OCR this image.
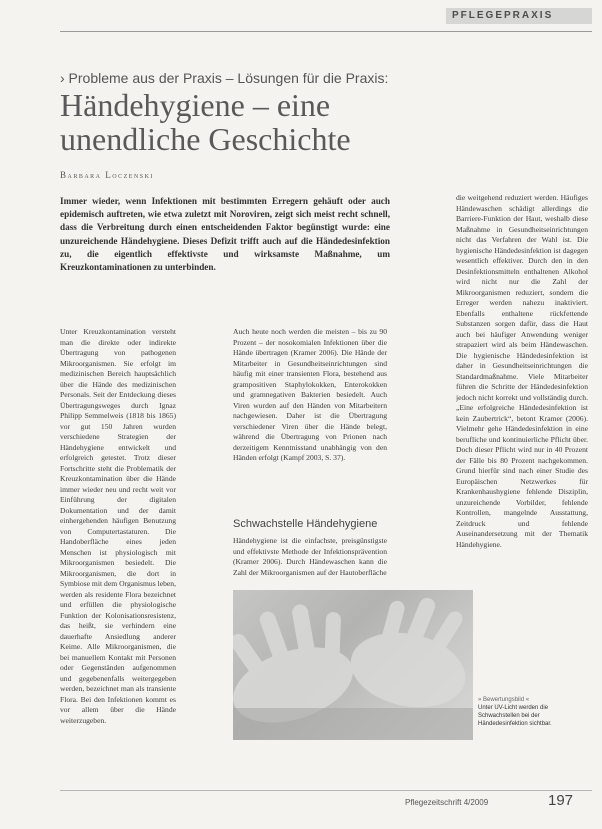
PFLEGEPRAXIS
› Probleme aus der Praxis – Lösungen für die Praxis:
Händehygiene – eine unendliche Geschichte
Barbara Loczenski
Immer wieder, wenn Infektionen mit bestimmten Erregern gehäuft oder auch epidemisch auftreten, wie etwa zuletzt mit Noroviren, zeigt sich meist recht schnell, dass die Verbreitung durch einen entscheidenden Faktor begünstigt wurde: eine unzureichende Händehygiene. Dieses Defizit trifft auch auf die Händedesinfektion zu, die eigentlich effektivste und wirksamste Maßnahme, um Kreuzkontaminationen zu unterbinden.

Unter Kreuzkontamination versteht man die direkte oder indirekte Übertragung von pathogenen Mikroorganismen. Sie erfolgt im medizinischen Bereich hauptsächlich über die Hände des medizinischen Personals. Seit der Entdeckung dieses Übertragungsweges durch Ignaz Philipp Semmelweis (1818 bis 1865) vor gut 150 Jahren wurden verschiedene Strategien der Händehygiene entwickelt und erfolgreich getestet. Trotz dieser Fortschritte steht die Problematik der Kreuzkontamination über die Hände immer wieder neu und recht weit vor Einführung der digitalen Dokumentation und der damit einhergehenden häufigen Benutzung von Computertastaturen. Die Handoberfläche eines jeden Menschen ist physiologisch mit Mikroorganismen besiedelt. Die Mikroorganismen, die dort in Symbiose mit dem Organismus leben, werden als residente Flora bezeichnet und erfüllen die physiologische Funktion der Kolonisationsresistenz, das heißt, sie verhindern eine dauerhafte Ansiedlung anderer Keime. Alle Mikroorganismen, die bei manuellem Kontakt mit Personen oder Gegenständen aufgenommen und gegebenenfalls weitergegeben werden, bezeichnet man als transiente Flora. Bei den Infektionen kommt es vor allem über die Hände weiterzugeben.

Auch heute noch werden die meisten – bis zu 90 Prozent – der nosokomialen Infektionen über die Hände übertragen (Kramer 2006). Die Hände der Mitarbeiter in Gesundheitseinrichtungen sind häufig mit einer transienten Flora, bestehend aus grampositiven Staphylokokken, Enterokokken und gramnegativen Bakterien besiedelt. Auch Viren wurden auf den Händen von Mitarbeitern nachgewiesen. Daher ist die Übertragung verschiedener Viren über die Hände belegt, während die Übertragung von Prionen nach derzeitigem Kenntnisstand unabhängig von den Händen erfolgt (Kampf 2003, S. 37).

Schwachstelle Händehygiene

Händehygiene ist die einfachste, preisgünstigste und effektivste Methode der Infektionsprävention (Kramer 2006). Durch Händewaschen kann die Zahl der Mikroorganismen auf der Hautoberfläche

die weitgehend reduziert werden. Häufiges Händewaschen schädigt allerdings die Barriere-Funktion der Haut, weshalb diese Maßnahme in Gesundheitseinrichtungen nicht das Verfahren der Wahl ist. Die hygienische Händedesinfektion ist dagegen wesentlich effektiver. Durch den in den Desinfektionsmitteln enthaltenen Alkohol wird nicht nur die Zahl der Mikroorganismen reduziert, sondern die Erreger werden nahezu inaktiviert. Ebenfalls enthaltene rückfettende Substanzen sorgen dafür, dass die Haut auch bei häufiger Anwendung weniger strapaziert wird als beim Händewaschen. Die hygienische Händedesinfektion ist daher in Gesundheitseinrichtungen die Standardmaßnahme. Viele Mitarbeiter führen die Schritte der Händedesinfektion jedoch nicht korrekt und vollständig durch. „Eine erfolgreiche Händedesinfektion ist kein Zaubertrick“, betont Kramer (2006). Vielmehr gehe Händedesinfektion in eine berufliche und kontinuierliche Pflicht über. Doch dieser Pflicht wird nur in 40 Prozent der Fälle bis 80 Prozent nachgekommen. Grund hierfür sind nach einer Studie des Europäischen Netzwerkes für Krankenhaushygiene fehlende Disziplin, unzureichende Vorbilder, fehlende Kontrollen, mangelnde Ausstattung, Zeitdruck und fehlende Auseinandersetzung mit der Thematik Händehygiene.

» Bewertungsbild «
Unter UV-Licht werden die Schwachstellen bei der Händedesinfektion sichtbar.
Pflegezeitschrift 4/2009	197
